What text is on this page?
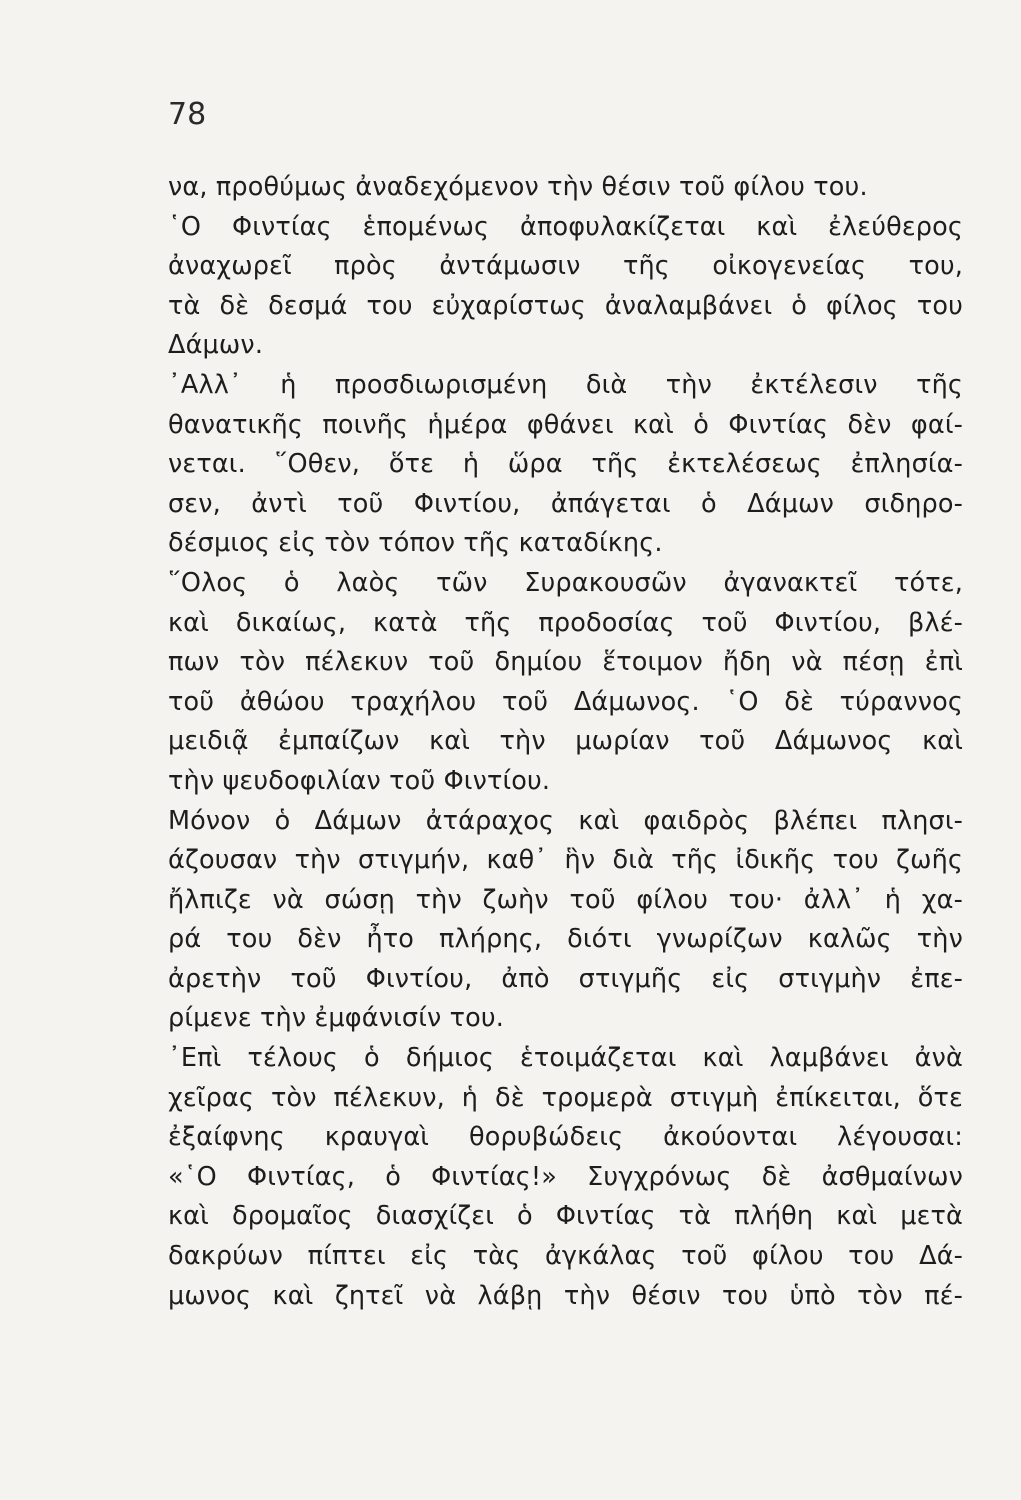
78
να, προθύμως ἀναδεχόμενον τὴν θέσιν τοῦ φίλου του.
῾Ο Φιντίας ἑπομένως ἀποφυλακίζεται καὶ ἐλεύθερος
ἀναχωρεῖ πρὸς ἀντάμωσιν τῆς οἰκογενείας του,
τὰ δὲ δεσμά του εὐχαρίστως ἀναλαμβάνει ὁ φίλος του
Δάμων.
᾿Αλλ᾿ ἡ προσδιωρισμένη διὰ τὴν ἐκτέλεσιν τῆς
θανατικῆς ποινῆς ἡμέρα φθάνει καὶ ὁ Φιντίας δὲν φαί-
νεται. ῞Οθεν, ὅτε ἡ ὥρα τῆς ἐκτελέσεως ἐπλησία-
σεν, ἀντὶ τοῦ Φιντίου, ἀπάγεται ὁ Δάμων σιδηρο-
δέσμιος εἰς τὸν τόπον τῆς καταδίκης.
῞Ολος ὁ λαὸς τῶν Συρακουσῶν ἀγανακτεῖ τότε,
καὶ δικαίως, κατὰ τῆς προδοσίας τοῦ Φιντίου, βλέ-
πων τὸν πέλεκυν τοῦ δημίου ἕτοιμον ἤδη νὰ πέσῃ ἐπὶ
τοῦ ἀθώου τραχήλου τοῦ Δάμωνος. ῾Ο δὲ τύραννος
μειδιᾷ ἐμπαίζων καὶ τὴν μωρίαν τοῦ Δάμωνος καὶ
τὴν ψευδοφιλίαν τοῦ Φιντίου.
Μόνον ὁ Δάμων ἀτάραχος καὶ φαιδρὸς βλέπει πλησι-
άζουσαν τὴν στιγμήν, καθ᾿ ἣν διὰ τῆς ἰδικῆς του ζωῆς
ἤλπιζε νὰ σώσῃ τὴν ζωὴν τοῦ φίλου του· ἀλλ᾿ ἡ χα-
ρά του δὲν ἦτο πλήρης, διότι γνωρίζων καλῶς τὴν
ἀρετὴν τοῦ Φιντίου, ἀπὸ στιγμῆς εἰς στιγμὴν ἐπε-
ρίμενε τὴν ἐμφάνισίν του.
᾿Επὶ τέλους ὁ δήμιος ἑτοιμάζεται καὶ λαμβάνει ἀνὰ
χεῖρας τὸν πέλεκυν, ἡ δὲ τρομερὰ στιγμὴ ἐπίκειται, ὅτε
ἐξαίφνης κραυγαὶ θορυβώδεις ἀκούονται λέγουσαι:
«῾Ο Φιντίας, ὁ Φιντίας!» Συγχρόνως δὲ ἀσθμαίνων
καὶ δρομαῖος διασχίζει ὁ Φιντίας τὰ πλήθη καὶ μετὰ
δακρύων πίπτει εἰς τὰς ἀγκάλας τοῦ φίλου του Δά-
μωνος καὶ ζητεῖ νὰ λάβῃ τὴν θέσιν του ὑπὸ τὸν πέ-
